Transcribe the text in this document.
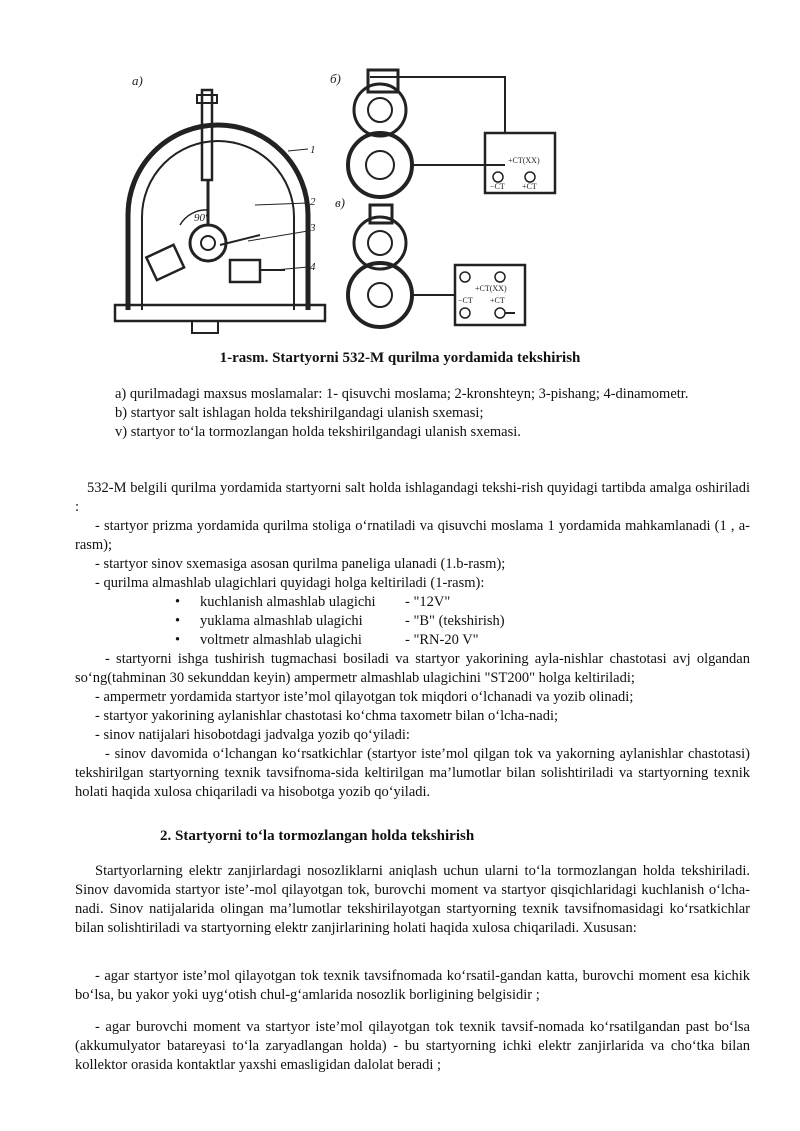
a)	б)
в)
90°
1
2
3
4
+CT(XX)
−CT +CT
+CT(XX)
−CT +CT
1-rasm. Startyorni 532-M qurilma yordamida tekshirish
a) qurilmadagi maxsus moslamalar: 1- qisuvchi moslama; 2-kronshteyn; 3-pishang; 4-dinamometr.
b) startyor salt ishlagan holda tekshirilgandagi ulanish sxemasi;
v) startyor to‘la tormozlangan holda tekshirilgandagi ulanish sxemasi.

532-M belgili qurilma yordamida startyorni salt holda ishlagandagi tekshi-rish quyidagi tartibda amalga oshiriladi :

- startyor prizma yordamida qurilma stoliga o‘rnatiladi va qisuvchi moslama 1 yordamida mahkamlanadi (1 , a-rasm);

- startyor sinov sxemasiga asosan qurilma paneliga ulanadi (1.b-rasm);

- qurilma almashlab ulagichlari quyidagi holga keltiriladi (1-rasm):

• kuchlanish almashlab ulagichi - "12V"
• yuklama almashlab ulagichi	- "B" (tekshirish)
• voltmetr almashlab ulagichi	- "RN-20 V"

- startyorni ishga tushirish tugmachasi bosiladi va startyor yakorining ayla-nishlar chastotasi avj olgandan so‘ng(tahminan 30 sekunddan keyin) ampermetr almashlab ulagichini "ST200" holga keltiriladi;

- ampermetr yordamida startyor iste’mol qilayotgan tok miqdori o‘lchanadi va yozib olinadi;

- startyor yakorining aylanishlar chastotasi ko‘chma taxometr bilan o‘lcha-nadi;

- sinov natijalari hisobotdagi jadvalga yozib qo‘yiladi:

- sinov davomida o‘lchangan ko‘rsatkichlar (startyor iste’mol qilgan tok va yakorning aylanishlar chastotasi) tekshirilgan startyorning texnik tavsifnoma-sida keltirilgan ma’lumotlar bilan solishtiriladi va startyorning texnik holati haqida xulosa chiqariladi va hisobotga yozib qo‘yiladi.

2. Startyorni to‘la tormozlangan holda tekshirish

Startyorlarning elektr zanjirlardagi nosozliklarni aniqlash uchun ularni to‘la tormozlangan holda tekshiriladi. Sinov davomida startyor iste’-mol qilayotgan tok, burovchi moment va startyor qisqichlaridagi kuchlanish o‘lcha-nadi. Sinov natijalarida olingan ma’lumotlar tekshirilayotgan startyorning texnik tavsifnomasidagi ko‘rsatkichlar bilan solishtiriladi va startyorning elektr zanjirlarining holati haqida xulosa chiqariladi. Xususan:

- agar startyor iste’mol qilayotgan tok texnik tavsifnomada ko‘rsatil-gandan katta, burovchi moment esa kichik bo‘lsa, bu yakor yoki uyg‘otish chul-g‘amlarida nosozlik borligining belgisidir ;

- agar burovchi moment va startyor iste’mol qilayotgan tok texnik tavsif-nomada ko‘rsatilgandan past bo‘lsa (akkumulyator batareyasi to‘la zaryadlangan holda) - bu startyorning ichki elektr zanjirlarida va cho‘tka bilan kollektor orasida kontaktlar yaxshi emasligidan dalolat beradi ;
